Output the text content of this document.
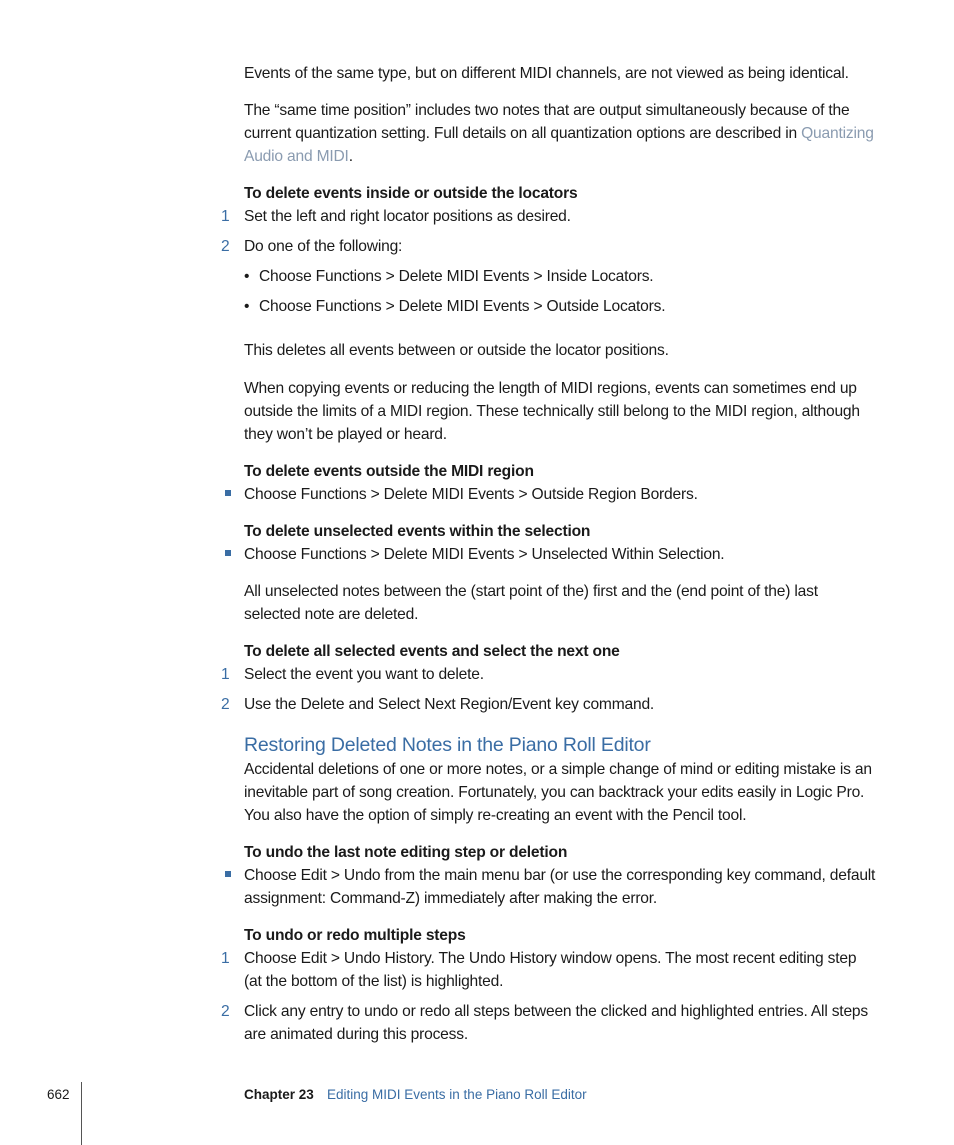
Events of the same type, but on different MIDI channels, are not viewed as being identical.
The “same time position” includes two notes that are output simultaneously because of the current quantization setting. Full details on all quantization options are described in Quantizing Audio and MIDI.
To delete events inside or outside the locators
1 Set the left and right locator positions as desired.
2 Do one of the following:
• Choose Functions > Delete MIDI Events > Inside Locators.
• Choose Functions > Delete MIDI Events > Outside Locators.
This deletes all events between or outside the locator positions.
When copying events or reducing the length of MIDI regions, events can sometimes end up outside the limits of a MIDI region. These technically still belong to the MIDI region, although they won’t be played or heard.
To delete events outside the MIDI region
Choose Functions > Delete MIDI Events > Outside Region Borders.
To delete unselected events within the selection
Choose Functions > Delete MIDI Events > Unselected Within Selection.
All unselected notes between the (start point of the) first and the (end point of the) last selected note are deleted.
To delete all selected events and select the next one
1 Select the event you want to delete.
2 Use the Delete and Select Next Region/Event key command.
Restoring Deleted Notes in the Piano Roll Editor
Accidental deletions of one or more notes, or a simple change of mind or editing mistake is an inevitable part of song creation. Fortunately, you can backtrack your edits easily in Logic Pro. You also have the option of simply re-creating an event with the Pencil tool.
To undo the last note editing step or deletion
Choose Edit > Undo from the main menu bar (or use the corresponding key command, default assignment: Command-Z) immediately after making the error.
To undo or redo multiple steps
1 Choose Edit > Undo History. The Undo History window opens. The most recent editing step (at the bottom of the list) is highlighted.
2 Click any entry to undo or redo all steps between the clicked and highlighted entries. All steps are animated during this process.
662	Chapter 23 Editing MIDI Events in the Piano Roll Editor
